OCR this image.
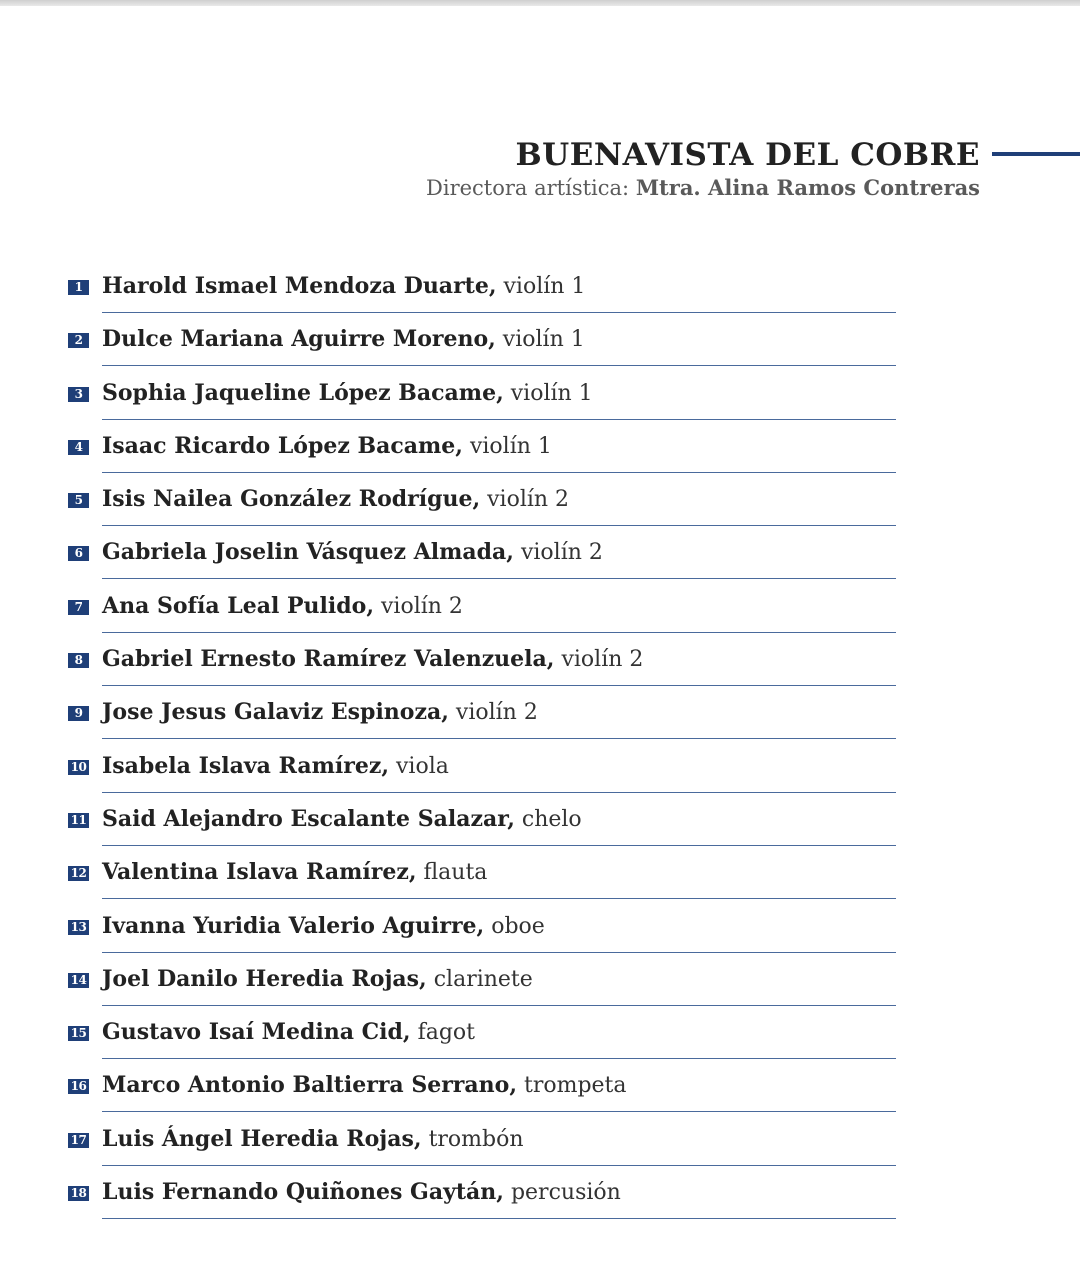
BUENAVISTA DEL COBRE
Directora artística: Mtra. Alina Ramos Contreras
1 Harold Ismael Mendoza Duarte, violín 1
2 Dulce Mariana Aguirre Moreno, violín 1
3 Sophia Jaqueline López Bacame, violín 1
4 Isaac Ricardo López Bacame, violín 1
5 Isis Nailea González Rodrígue, violín 2
6 Gabriela Joselin Vásquez Almada, violín 2
7 Ana Sofía Leal Pulido, violín 2
8 Gabriel Ernesto Ramírez Valenzuela, violín 2
9 Jose Jesus Galaviz Espinoza, violín 2
10 Isabela Islava Ramírez, viola
11 Said Alejandro Escalante Salazar, chelo
12 Valentina Islava Ramírez, flauta
13 Ivanna Yuridia Valerio Aguirre, oboe
14 Joel Danilo Heredia Rojas, clarinete
15 Gustavo Isaí Medina Cid, fagot
16 Marco Antonio Baltierra Serrano, trompeta
17 Luis Ángel Heredia Rojas, trombón
18 Luis Fernando Quiñones Gaytán, percusión
